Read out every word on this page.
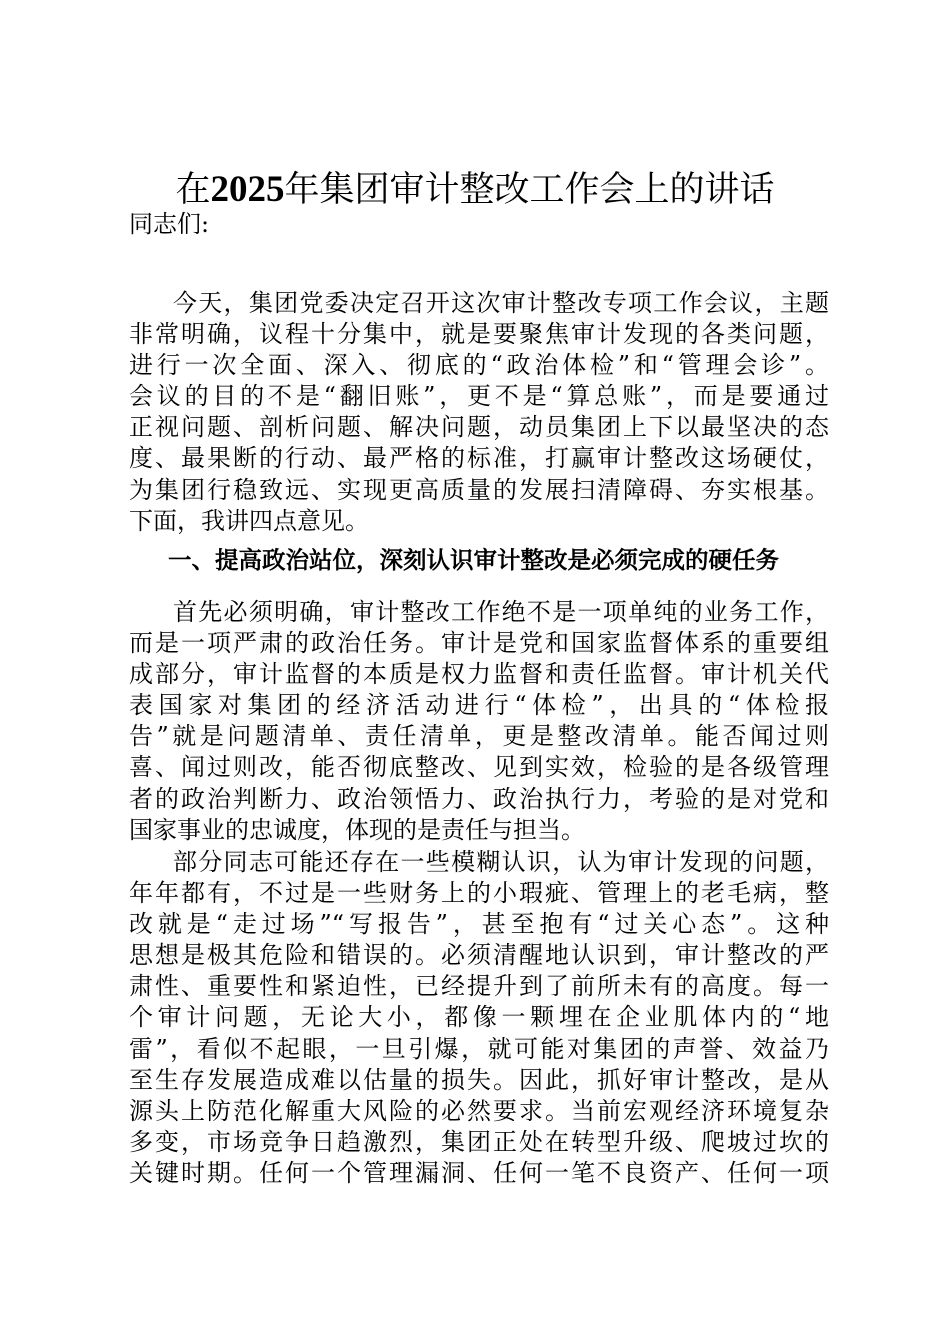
在2025年集团审计整改工作会上的讲话
同志们:
今天，集团党委决定召开这次审计整改专项工作会议，主题
非常明确，议程十分集中，就是要聚焦审计发现的各类问题，
进行一次全面、深入、彻底的“政治体检”和“管理会诊”。
会议的目的不是“翻旧账”，更不是“算总账”，而是要通过
正视问题、剖析问题、解决问题，动员集团上下以最坚决的态
度、最果断的行动、最严格的标准，打赢审计整改这场硬仗，
为集团行稳致远、实现更高质量的发展扫清障碍、夯实根基。
下面，我讲四点意见。
一、提高政治站位，深刻认识审计整改是必须完成的硬任务
首先必须明确，审计整改工作绝不是一项单纯的业务工作，
而是一项严肃的政治任务。审计是党和国家监督体系的重要组
成部分，审计监督的本质是权力监督和责任监督。审计机关代
表国家对集团的经济活动进行“体检”，出具的“体检报
告”就是问题清单、责任清单，更是整改清单。能否闻过则
喜、闻过则改，能否彻底整改、见到实效，检验的是各级管理
者的政治判断力、政治领悟力、政治执行力，考验的是对党和
国家事业的忠诚度，体现的是责任与担当。
部分同志可能还存在一些模糊认识，认为审计发现的问题，
年年都有，不过是一些财务上的小瑕疵、管理上的老毛病，整
改就是“走过场”“写报告”，甚至抱有“过关心态”。这种
思想是极其危险和错误的。必须清醒地认识到，审计整改的严
肃性、重要性和紧迫性，已经提升到了前所未有的高度。每一
个审计问题，无论大小，都像一颗埋在企业肌体内的“地
雷”，看似不起眼，一旦引爆，就可能对集团的声誉、效益乃
至生存发展造成难以估量的损失。因此，抓好审计整改，是从
源头上防范化解重大风险的必然要求。当前宏观经济环境复杂
多变，市场竞争日趋激烈，集团正处在转型升级、爬坡过坎的
关键时期。任何一个管理漏洞、任何一笔不良资产、任何一项
